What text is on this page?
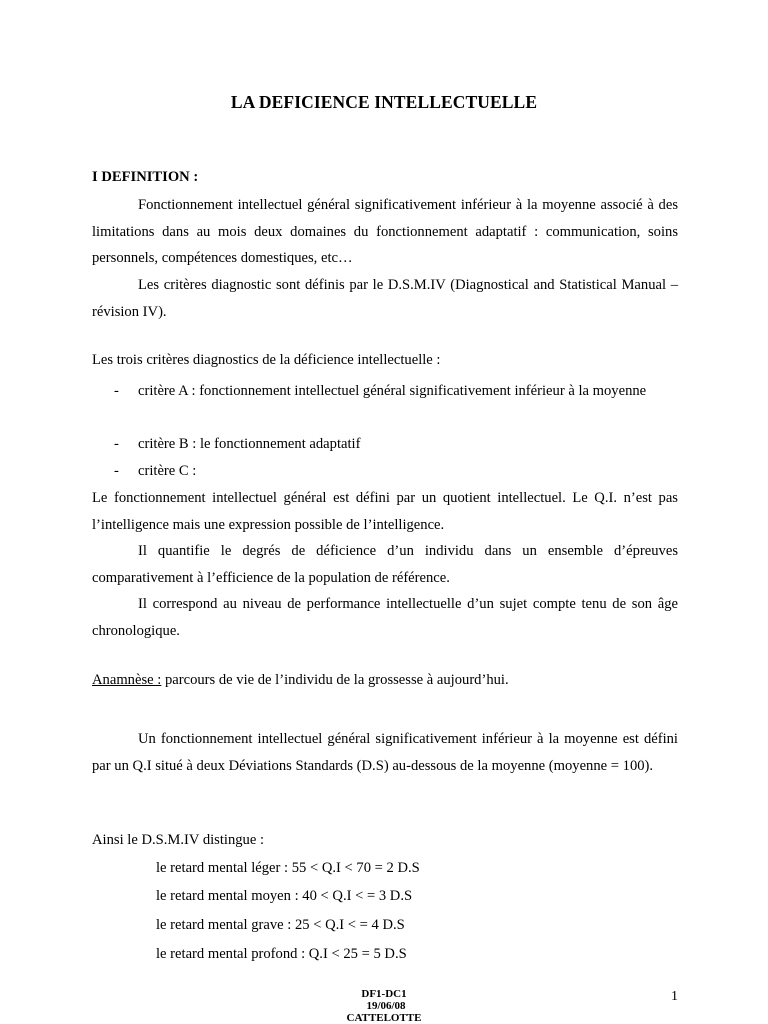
LA DEFICIENCE INTELLECTUELLE
I DEFINITION :

Fonctionnement intellectuel général significativement inférieur à la moyenne associé à des limitations dans au mois deux domaines du fonctionnement adaptatif : communication, soins personnels, compétences domestiques, etc…

Les critères diagnostic sont définis par le D.S.M.IV (Diagnostical and Statistical Manual – révision IV).

Les trois critères diagnostics de la déficience intellectuelle :
- critère A : fonctionnement intellectuel général significativement inférieur à la moyenne
- critère B : le fonctionnement adaptatif
- critère C :

Le fonctionnement intellectuel général est défini par un quotient intellectuel. Le Q.I. n’est pas l’intelligence mais une expression possible de l’intelligence.

Il quantifie le degrés de déficience d’un individu dans un ensemble d’épreuves comparativement à l’efficience de la population de référence.

Il correspond au niveau de performance intellectuelle d’un sujet compte tenu de son âge chronologique.

Anamnèse : parcours de vie de l’individu de la grossesse à aujourd’hui.

Un fonctionnement intellectuel général significativement inférieur à la moyenne est défini par un Q.I situé à deux Déviations Standards (D.S) au-dessous de la moyenne (moyenne = 100).

Ainsi le D.S.M.IV distingue :
le retard mental léger : 55 < Q.I < 70 = 2 D.S
le retard mental moyen : 40 < Q.I < = 3 D.S
le retard mental grave : 25 < Q.I < = 4 D.S
le retard mental profond : Q.I < 25 = 5 D.S
DF1-DC1
19/06/08
CATTELOTTE
1
